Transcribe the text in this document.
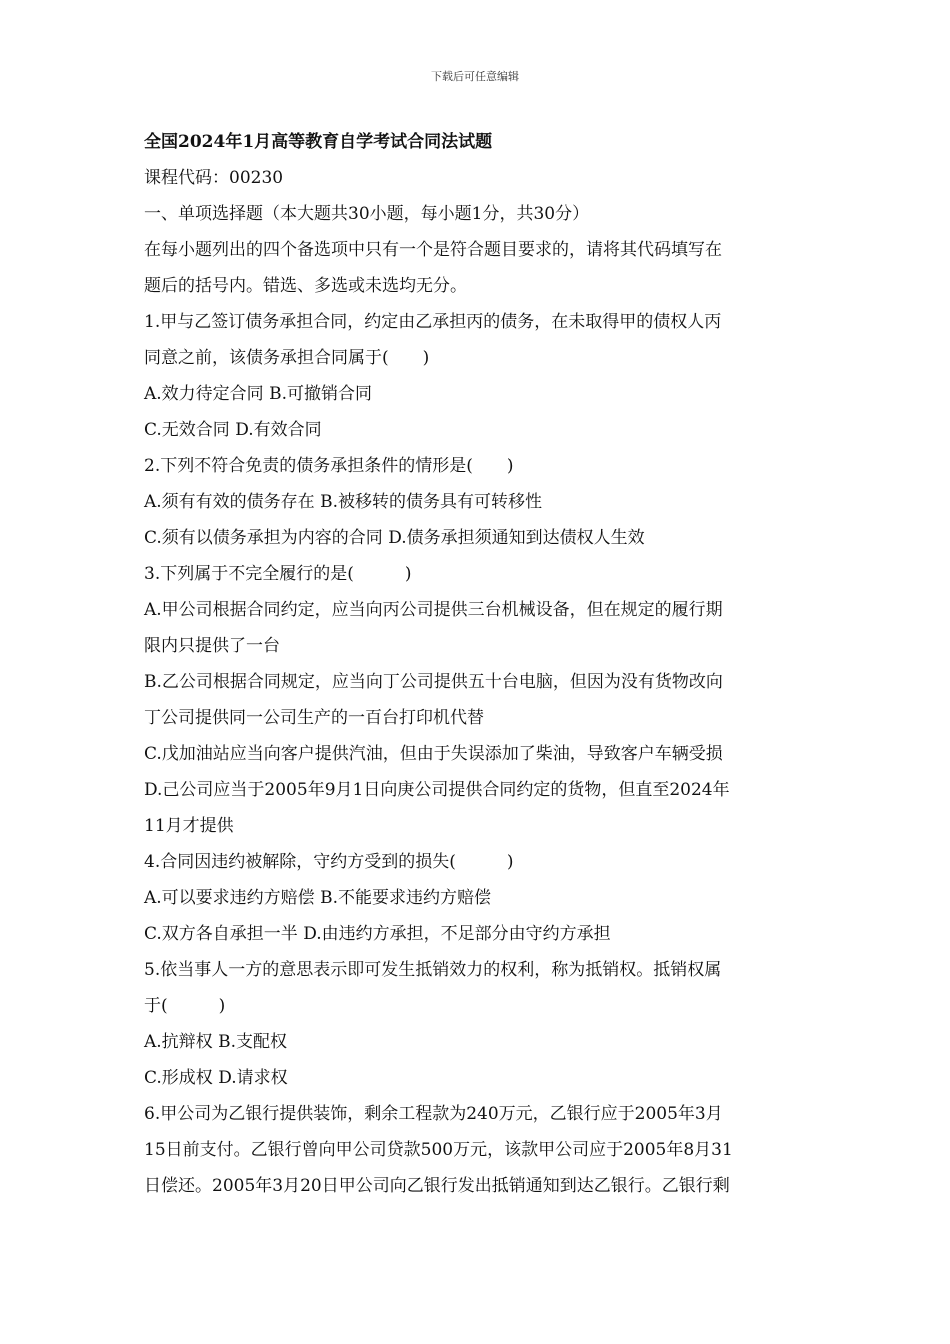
下载后可任意编辑
全国2024年1月高等教育自学考试合同法试题
课程代码：00230
一、单项选择题（本大题共30小题，每小题1分，共30分）
在每小题列出的四个备选项中只有一个是符合题目要求的，请将其代码填写在
题后的括号内。错选、多选或未选均无分。
1.甲与乙签订债务承担合同，约定由乙承担丙的债务，在未取得甲的债权人丙
同意之前，该债务承担合同属于(　　)
A.效力待定合同 B.可撤销合同
C.无效合同 D.有效合同
2.下列不符合免责的债务承担条件的情形是(　　)
A.须有有效的债务存在 B.被移转的债务具有可转移性
C.须有以债务承担为内容的合同 D.债务承担须通知到达债权人生效
3.下列属于不完全履行的是(　　　)
A.甲公司根据合同约定，应当向丙公司提供三台机械设备，但在规定的履行期
限内只提供了一台
B.乙公司根据合同规定，应当向丁公司提供五十台电脑，但因为没有货物改向
丁公司提供同一公司生产的一百台打印机代替
C.戊加油站应当向客户提供汽油，但由于失误添加了柴油，导致客户车辆受损
D.己公司应当于2005年9月1日向庚公司提供合同约定的货物，但直至2024年
11月才提供
4.合同因违约被解除，守约方受到的损失(　　　)
A.可以要求违约方赔偿 B.不能要求违约方赔偿
C.双方各自承担一半 D.由违约方承担，不足部分由守约方承担
5.依当事人一方的意思表示即可发生抵销效力的权利，称为抵销权。抵销权属
于(　　　)
A.抗辩权 B.支配权
C.形成权 D.请求权
6.甲公司为乙银行提供装饰，剩余工程款为240万元，乙银行应于2005年3月
15日前支付。乙银行曾向甲公司贷款500万元，该款甲公司应于2005年8月31
日偿还。2005年3月20日甲公司向乙银行发出抵销通知到达乙银行。乙银行剩
